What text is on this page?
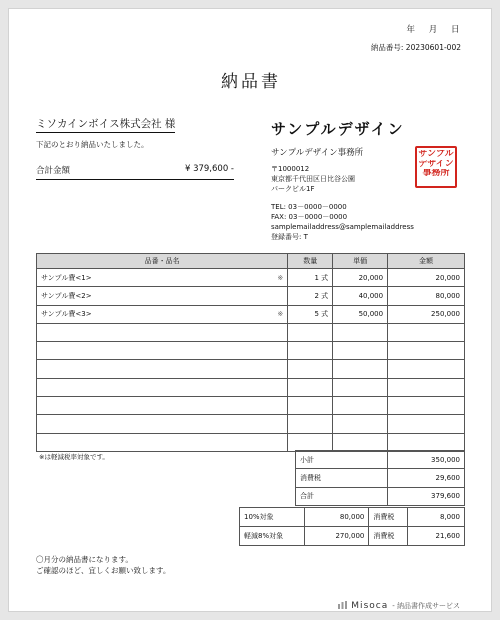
年 月 日
納品番号: 20230601-002
納品書
ミソカインボイス株式会社 様
下記のとおり納品いたしました。
合計金額	¥ 379,600 -
サンプルデザイン
サンプルデザイン事務所
〒1000012
東京都千代田区日比谷公園
パークビル1F
TEL: 03－0000－0000
FAX: 03－0000－0000
samplemailaddress@samplemailaddress
登録番号: T
サンプル
デザイン
事務所
品番・品名		数量	単価	金額
サンプル費<1>	※	1 式	20,000	20,000
サンプル費<2>		2 式	40,000	80,000
サンプル費<3>	※	5 式	50,000	250,000

※は軽減税率対象です。	小計	350,000
消費税	29,600
合計	379,600
10%対象	80,000	消費税	8,000
軽減8%対象	270,000	消費税	21,600
〇月分の納品書になります。
ご確認のほど、宜しくお願い致します。
Misoca - 納品書作成サービス
